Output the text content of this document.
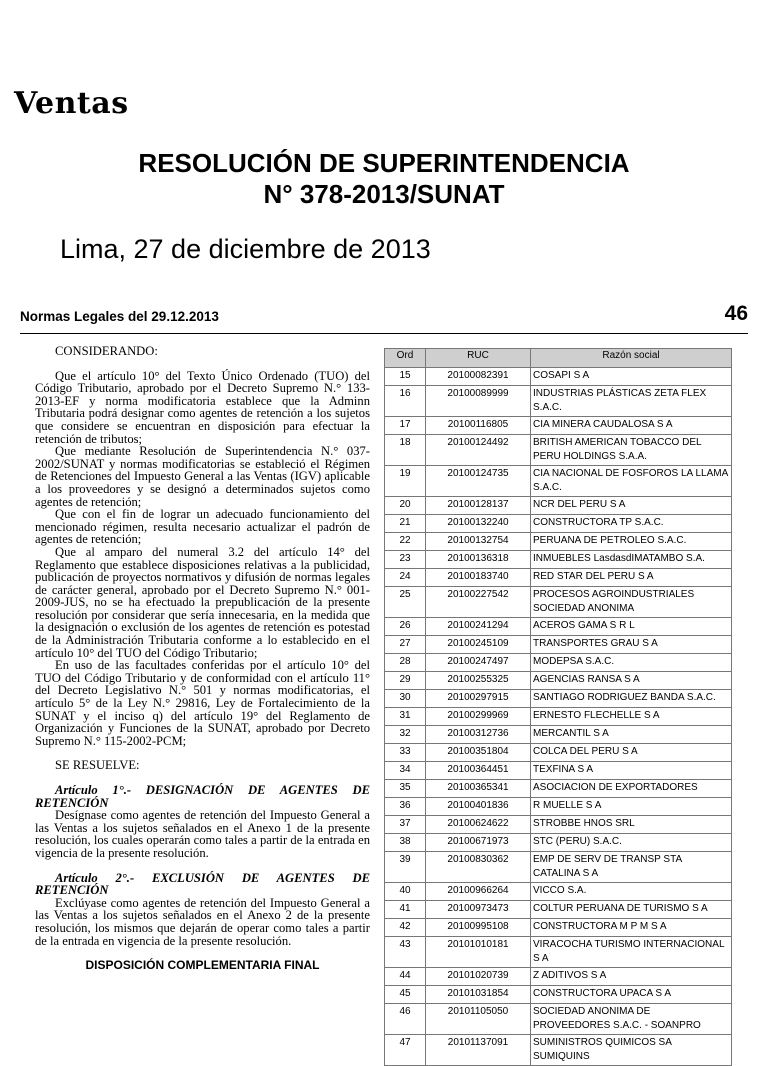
Ventas
RESOLUCIÓN DE SUPERINTENDENCIA
N° 378-2013/SUNAT
Lima, 27 de diciembre de 2013
Normas Legales del 29.12.2013	46

CONSIDERANDO:

Que el artículo 10° del Texto Único Ordenado (TUO) del Código Tributario, aprobado por el Decreto Supremo N.° 133-2013-EF y norma modificatoria establece que la Adminn Tributaria podrá designar como agentes de retención a los sujetos que considere se encuentran en disposición para efectuar la retención de tributos;

Que mediante Resolución de Superintendencia N.° 037-2002/SUNAT y normas modificatorias se estableció el Régimen de Retenciones del Impuesto General a las Ventas (IGV) aplicable a los proveedores y se designó a determinados sujetos como agentes de retención;

Que con el fin de lograr un adecuado funcionamiento del mencionado régimen, resulta necesario actualizar el padrón de agentes de retención;

Que al amparo del numeral 3.2 del artículo 14° del Reglamento que establece disposiciones relativas a la publicidad, publicación de proyectos normativos y difusión de normas legales de carácter general, aprobado por el Decreto Supremo N.° 001-2009-JUS, no se ha efectuado la prepublicación de la presente resolución por considerar que sería innecesaria, en la medida que la designación o exclusión de los agentes de retención es potestad de la Administración Tributaria conforme a lo establecido en el artículo 10° del TUO del Código Tributario;

En uso de las facultades conferidas por el artículo 10° del TUO del Código Tributario y de conformidad con el artículo 11° del Decreto Legislativo N.° 501 y normas modificatorias, el artículo 5° de la Ley N.° 29816, Ley de Fortalecimiento de la SUNAT y el inciso q) del artículo 19° del Reglamento de Organización y Funciones de la SUNAT, aprobado por Decreto Supremo N.° 115-2002-PCM;

SE RESUELVE:

Artículo 1°.- DESIGNACIÓN DE AGENTES DE RETENCIÓN

Desígnase como agentes de retención del Impuesto General a las Ventas a los sujetos señalados en el Anexo 1 de la presente resolución, los cuales operarán como tales a partir de la entrada en vigencia de la presente resolución.

Artículo 2°.- EXCLUSIÓN DE AGENTES DE RETENCIÓN

Exclúyase como agentes de retención del Impuesto General a las Ventas a los sujetos señalados en el Anexo 2 de la presente resolución, los mismos que dejarán de operar como tales a partir de la entrada en vigencia de la presente resolución.

DISPOSICIÓN COMPLEMENTARIA FINAL

Ord	RUC	Razón social
15	20100082391	COSAPI S A
16	20100089999	INDUSTRIAS PLÁSTICAS ZETA FLEX S.A.C.
17	20100116805	CIA MINERA CAUDALOSA S A
18	20100124492	BRITISH AMERICAN TOBACCO DEL PERU HOLDINGS S.A.A.
19	20100124735	CIA NACIONAL DE FOSFOROS LA LLAMA S.A.C.
20	20100128137	NCR DEL PERU S A
21	20100132240	CONSTRUCTORA TP S.A.C.
22	20100132754	PERUANA DE PETROLEO S.A.C.
23	20100136318	INMUEBLES LasdasdIMATAMBO S.A.
24	20100183740	RED STAR DEL PERU S A
25	20100227542	PROCESOS AGROINDUSTRIALES SOCIEDAD ANONIMA
26	20100241294	ACEROS GAMA S R L
27	20100245109	TRANSPORTES GRAU S A
28	20100247497	MODEPSA S.A.C.
29	20100255325	AGENCIAS RANSA S A
30	20100297915	SANTIAGO RODRIGUEZ BANDA S.A.C.
31	20100299969	ERNESTO FLECHELLE S A
32	20100312736	MERCANTIL S A
33	20100351804	COLCA DEL PERU S A
34	20100364451	TEXFINA S A
35	20100365341	ASOCIACION DE EXPORTADORES
36	20100401836	R MUELLE S A
37	20100624622	STROBBE HNOS SRL
38	20100671973	STC (PERU) S.A.C.
39	20100830362	EMP DE SERV DE TRANSP STA CATALINA S A
40	20100966264	VICCO S.A.
41	20100973473	COLTUR PERUANA DE TURISMO S A
42	20100995108	CONSTRUCTORA M P M S A
43	20101010181	VIRACOCHA TURISMO INTERNACIONAL S A
44	20101020739	Z ADITIVOS S A
45	20101031854	CONSTRUCTORA UPACA S A
46	20101105050	SOCIEDAD ANONIMA DE PROVEEDORES S.A.C. - SOANPRO
47	20101137091	SUMINISTROS QUIMICOS SA SUMIQUINS
